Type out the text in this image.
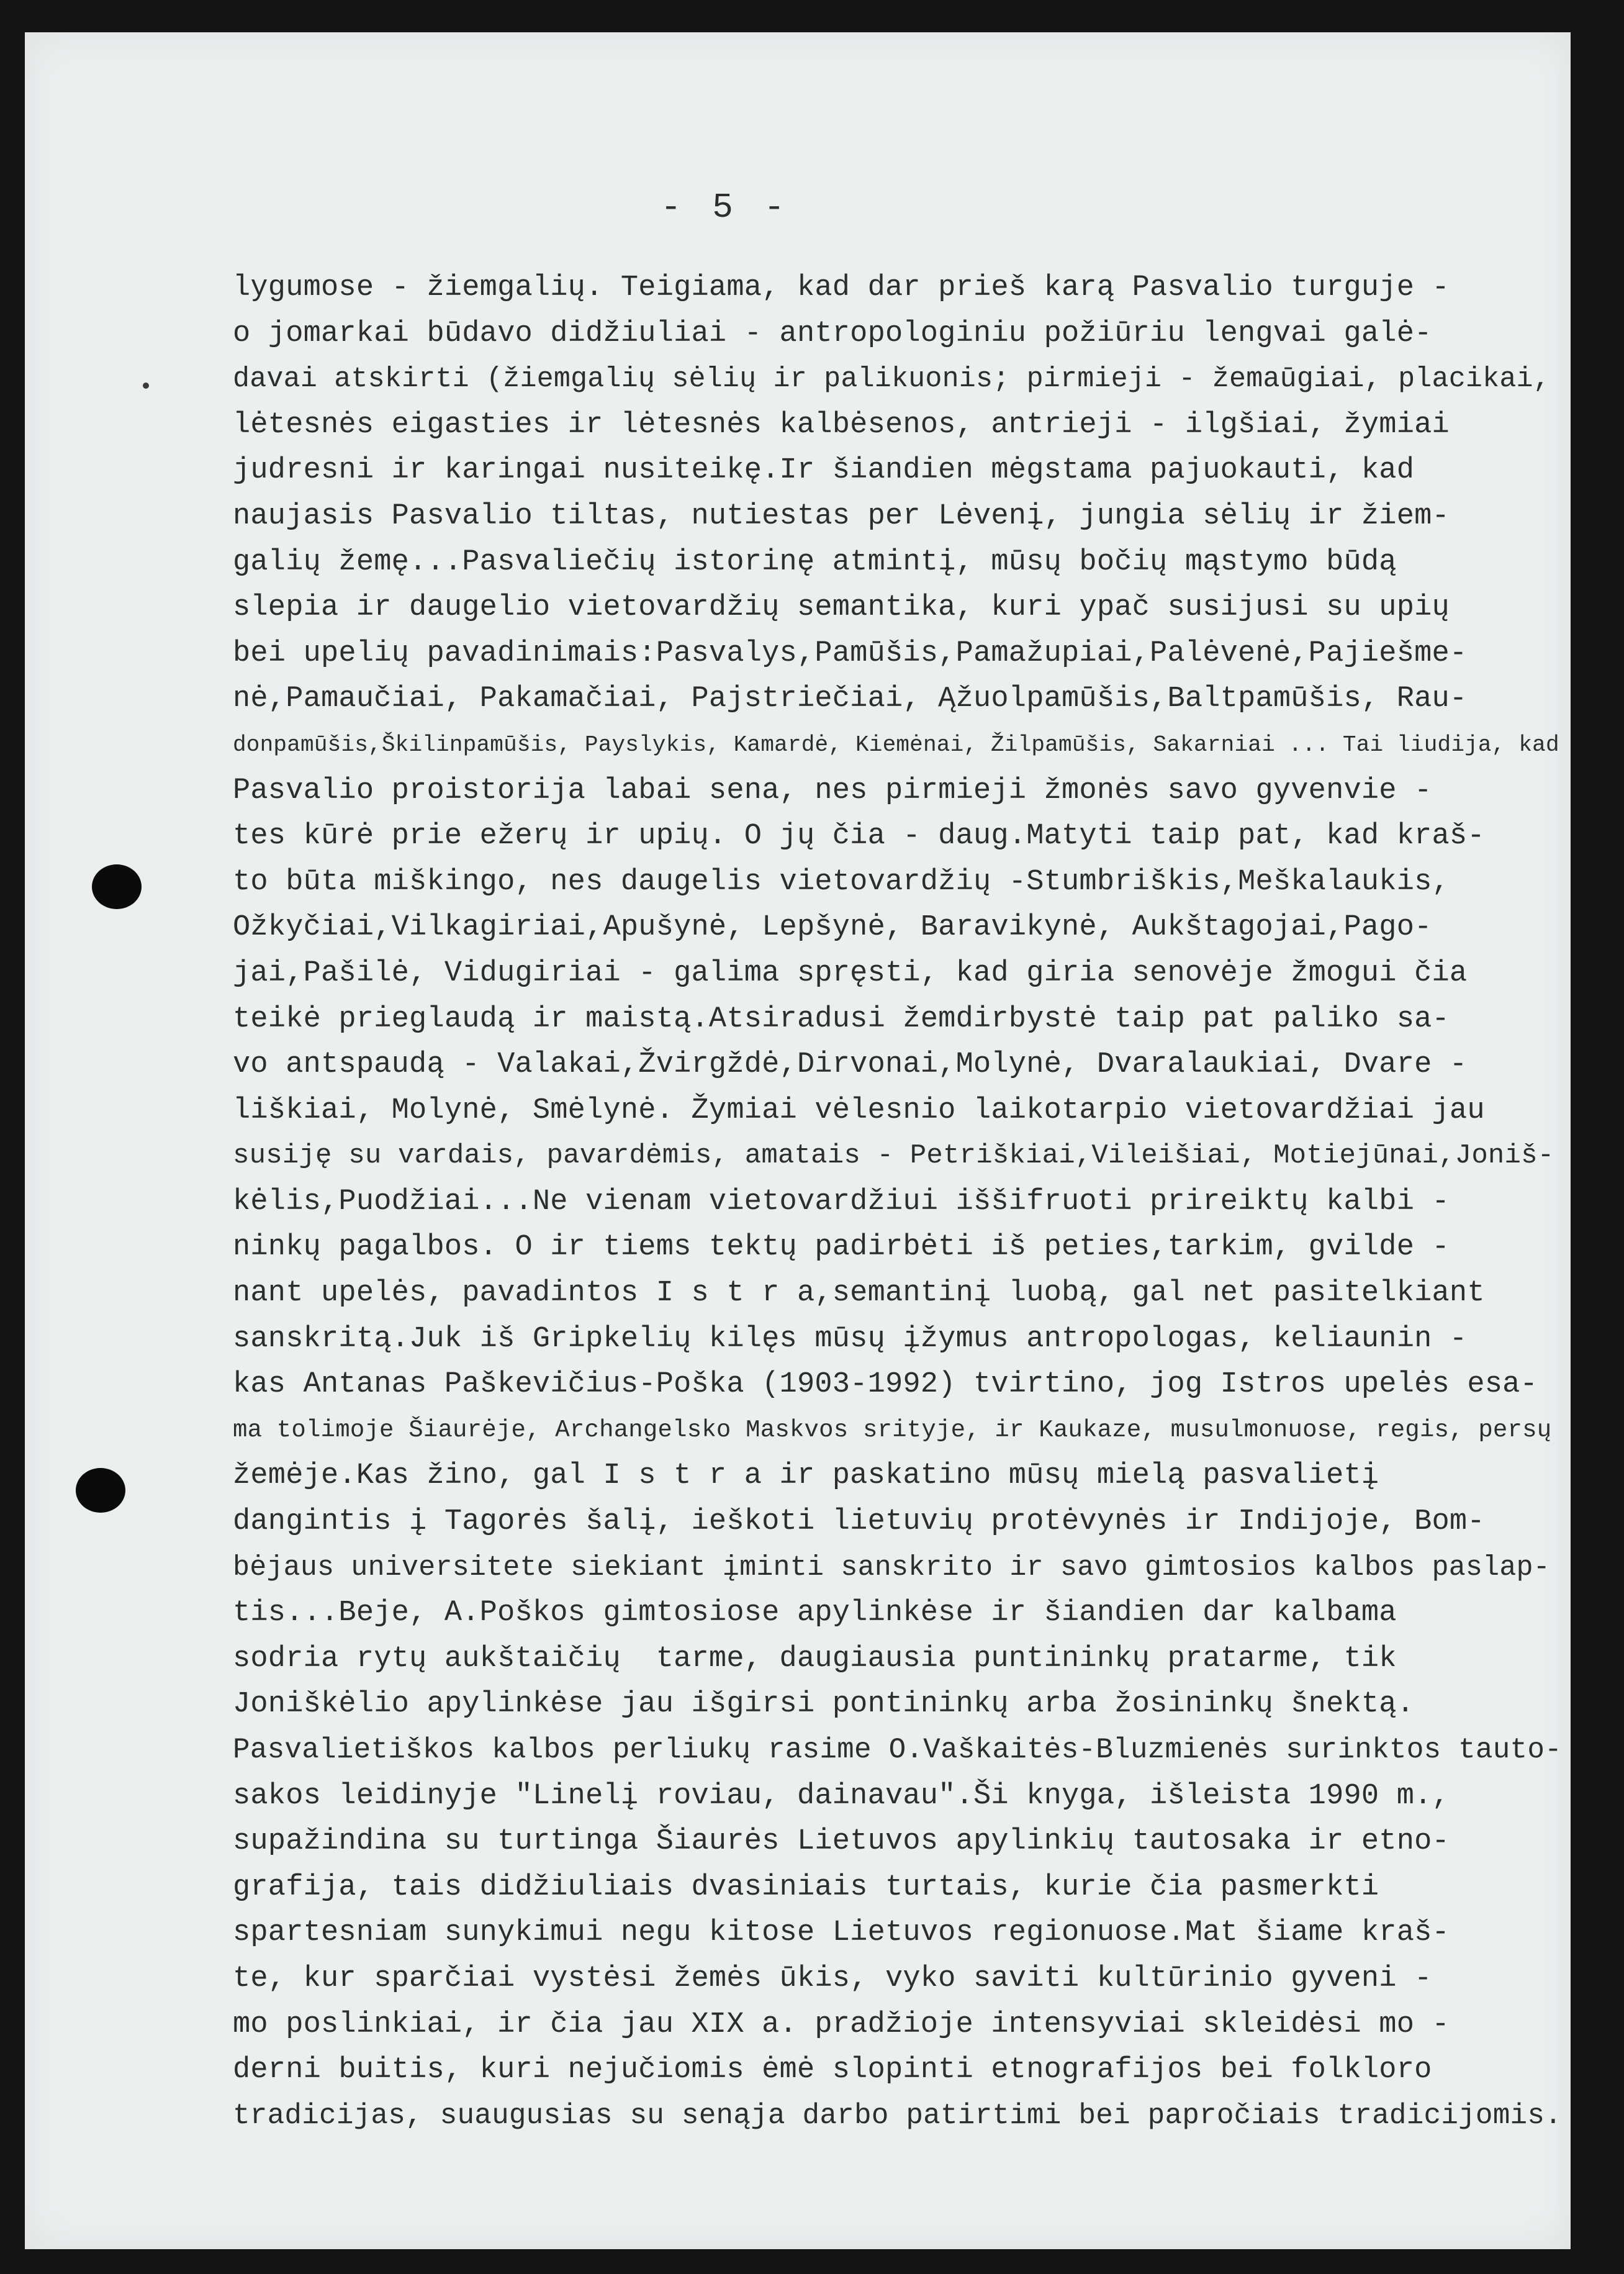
- 5 -
lygumose - žiemgalių. Teigiama, kad dar prieš karą Pasvalio turguje -
o jomarkai būdavo didžiuliai - antropologiniu požiūriu lengvai galė-
davai atskirti (žiemgalių sėlių ir palikuonis; pirmieji - žemaūgiai, placikai,
lėtesnės eigasties ir lėtesnės kalbėsenos, antrieji - ilgšiai, žymiai
judresni ir karingai nusiteikę.Ir šiandien mėgstama pajuokauti, kad
naujasis Pasvalio tiltas, nutiestas per Lėvenį, jungia sėlių ir žiem-
galių žemę...Pasvaliečių istorinę atmintį, mūsų bočių mąstymo būdą
slepia ir daugelio vietovardžių semantika, kuri ypač susijusi su upių
bei upelių pavadinimais:Pasvalys,Pamūšis,Pamažupiai,Palėvenė,Pajiešme-
nė,Pamaučiai, Pakamačiai, Pajstriečiai, Ąžuolpamūšis,Baltpamūšis, Rau-
donpamūšis,Škilinpamūšis, Payslykis, Kamardė, Kiemėnai, Žilpamūšis, Sakarniai ... Tai liudija, kad
Pasvalio proistorija labai sena, nes pirmieji žmonės savo gyvenvie -
tes kūrė prie ežerų ir upių. O jų čia - daug.Matyti taip pat, kad kraš-
to būta miškingo, nes daugelis vietovardžių -Stumbriškis,Meškalaukis,
Ožkyčiai,Vilkagiriai,Apušynė, Lepšynė, Baravikynė, Aukštagojai,Pago-
jai,Pašilė, Vidugiriai - galima spręsti, kad giria senovėje žmogui čia
teikė prieglaudą ir maistą.Atsiradusi žemdirbystė taip pat paliko sa-
vo antspaudą - Valakai,Žvirgždė,Dirvonai,Molynė, Dvaralaukiai, Dvare -
liškiai, Molynė, Smėlynė. Žymiai vėlesnio laikotarpio vietovardžiai jau
susiję su vardais, pavardėmis, amatais - Petriškiai,Vileišiai, Motiejūnai,Joniš-
kėlis,Puodžiai...Ne vienam vietovardžiui iššifruoti prireiktų kalbi -
ninkų pagalbos. O ir tiems tektų padirbėti iš peties,tarkim, gvilde -
nant upelės, pavadintos I s t r a,semantinį luobą, gal net pasitelkiant
sanskritą.Juk iš Gripkelių kilęs mūsų įžymus antropologas, keliaunin -
kas Antanas Paškevičius-Poška (1903-1992) tvirtino, jog Istros upelės esa-
ma tolimoje Šiaurėje, Archangelsko Maskvos srityje, ir Kaukaze, musulmonuose, regis, persų
žemėje.Kas žino, gal I s t r a ir paskatino mūsų mielą pasvalietį
dangintis į Tagorės šalį, ieškoti lietuvių protėvynės ir Indijoje, Bom-
bėjaus universitete siekiant įminti sanskrito ir savo gimtosios kalbos paslap-
tis...Beje, A.Poškos gimtosiose apylinkėse ir šiandien dar kalbama
sodria rytų aukštaičių  tarme, daugiausia puntininkų pratarme, tik
Joniškėlio apylinkėse jau išgirsi pontininkų arba žosininkų šnektą.
Pasvalietiškos kalbos perliukų rasime O.Vaškaitės-Bluzmienės surinktos tauto-
sakos leidinyje "Linelį roviau, dainavau".Ši knyga, išleista 1990 m.,
supažindina su turtinga Šiaurės Lietuvos apylinkių tautosaka ir etno-
grafija, tais didžiuliais dvasiniais turtais, kurie čia pasmerkti
spartesniam sunykimui negu kitose Lietuvos regionuose.Mat šiame kraš-
te, kur sparčiai vystėsi žemės ūkis, vyko saviti kultūrinio gyveni -
mo poslinkiai, ir čia jau XIX a. pradžioje intensyviai skleidėsi mo -
derni buitis, kuri nejučiomis ėmė slopinti etnografijos bei folkloro
tradicijas, suaugusias su senąja darbo patirtimi bei papročiais tradicijomis.
